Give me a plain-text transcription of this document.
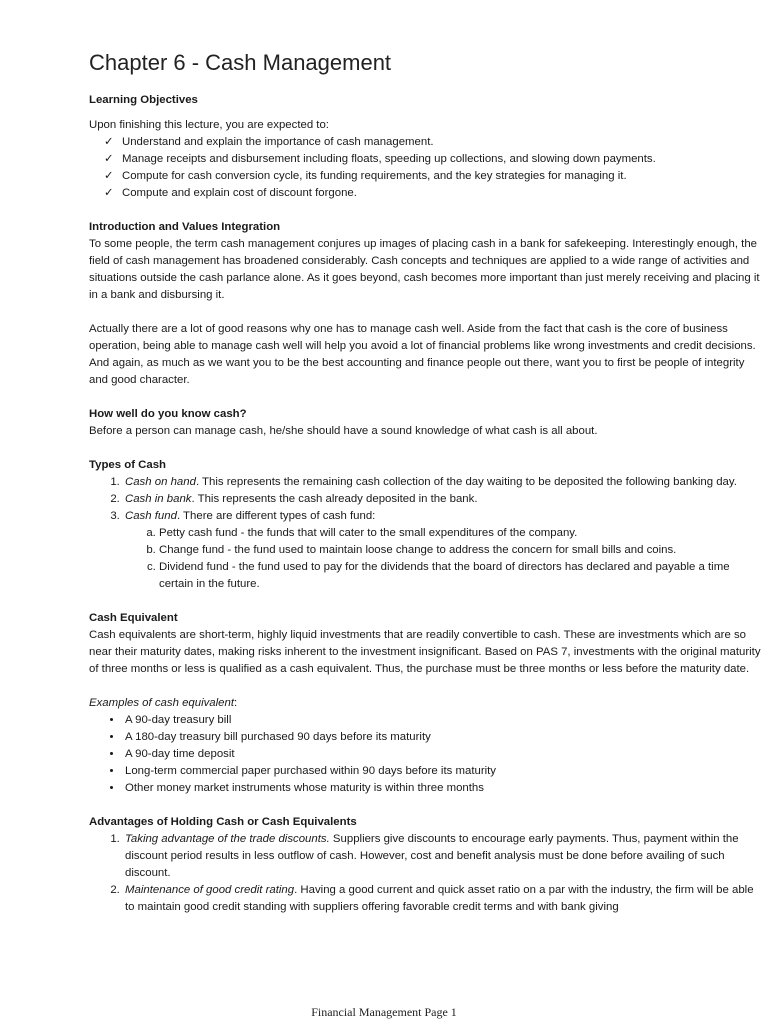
Chapter 6 - Cash Management

Learning Objectives

Upon finishing this lecture, you are expected to:

✓ Understand and explain the importance of cash management.
✓ Manage receipts and disbursement including floats, speeding up collections, and slowing down payments.
✓ Compute for cash conversion cycle, its funding requirements, and the key strategies for managing it.
✓ Compute and explain cost of discount forgone.

Introduction and Values Integration

To some people, the term cash management conjures up images of placing cash in a bank for safekeeping. Interestingly enough, the field of cash management has broadened considerably. Cash concepts and techniques are applied to a wide range of activities and situations outside the cash parlance alone. As it goes beyond, cash becomes more important than just merely receiving and placing it in a bank and disbursing it.

Actually there are a lot of good reasons why one has to manage cash well. Aside from the fact that cash is the core of business operation, being able to manage cash well will help you avoid a lot of financial problems like wrong investments and credit decisions. And again, as much as we want you to be the best accounting and finance people out there, want you to first be people of integrity and good character.

How well do you know cash?

Before a person can manage cash, he/she should have a sound knowledge of what cash is all about.

Types of Cash

1. Cash on hand. This represents the remaining cash collection of the day waiting to be deposited the following banking day.
2. Cash in bank. This represents the cash already deposited in the bank.
3. Cash fund. There are different types of cash fund:
a. Petty cash fund - the funds that will cater to the small expenditures of the company.
b. Change fund - the fund used to maintain loose change to address the concern for small bills and coins.
c. Dividend fund - the fund used to pay for the dividends that the board of directors has declared and payable a time certain in the future.

Cash Equivalent

Cash equivalents are short-term, highly liquid investments that are readily convertible to cash. These are investments which are so near their maturity dates, making risks inherent to the investment insignificant. Based on PAS 7, investments with the original maturity of three months or less is qualified as a cash equivalent. Thus, the purchase must be three months or less before the maturity date.

Examples of cash equivalent:

• A 90-day treasury bill
• A 180-day treasury bill purchased 90 days before its maturity
• A 90-day time deposit
• Long-term commercial paper purchased within 90 days before its maturity
• Other money market instruments whose maturity is within three months

Advantages of Holding Cash or Cash Equivalents

1. Taking advantage of the trade discounts. Suppliers give discounts to encourage early payments. Thus, payment within the discount period results in less outflow of cash. However, cost and benefit analysis must be done before availing of such discount.
2. Maintenance of good credit rating. Having a good current and quick asset ratio on a par with the industry, the firm will be able to maintain good credit standing with suppliers offering favorable credit terms and with bank giving
Financial Management Page 1
